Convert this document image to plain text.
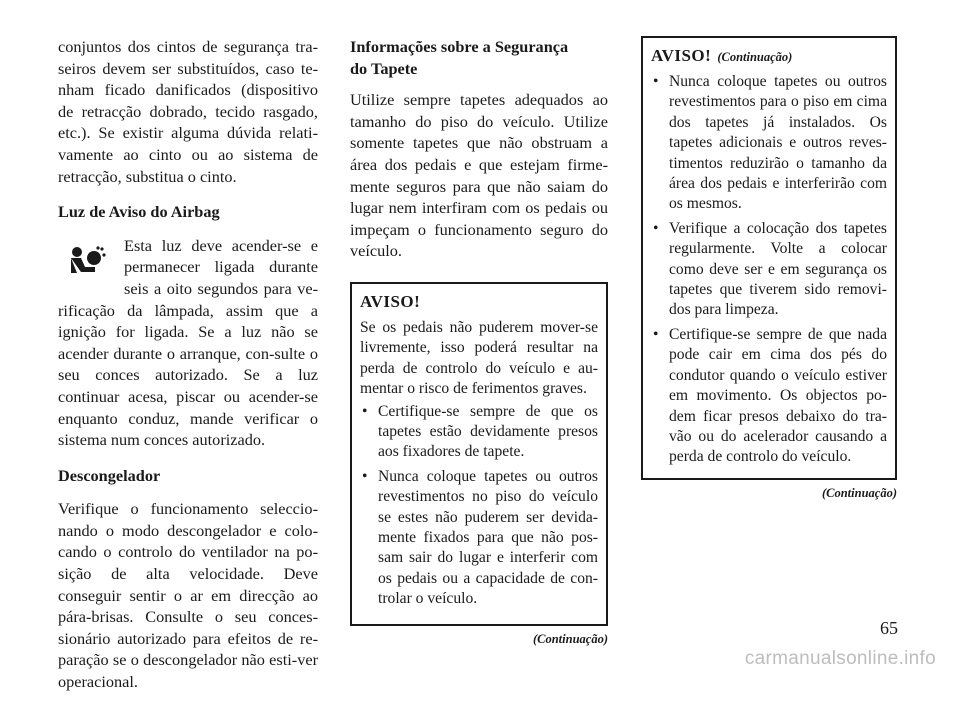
conjuntos dos cintos de segurança tra-seiros devem ser substituídos, caso te-nham ficado danificados (dispositivo de retracção dobrado, tecido rasgado, etc.). Se existir alguma dúvida relati-vamente ao cinto ou ao sistema de retracção, substitua o cinto.

Luz de Aviso do Airbag

Esta luz deve acender-se e permanecer ligada durante seis a oito segundos para ve-rificação da lâmpada, assim que a ignição for ligada. Se a luz não se acender durante o arranque, con-sulte o seu conces autorizado. Se a luz continuar acesa, piscar ou acender-se enquanto conduz, mande verificar o sistema num conces autorizado.

Descongelador

Verifique o funcionamento seleccio-nando o modo descongelador e colo-cando o controlo do ventilador na po-sição de alta velocidade. Deve conseguir sentir o ar em direcção ao pára-brisas. Consulte o seu conces-sionário autorizado para efeitos de re-paração se o descongelador não esti-ver operacional.

Informações sobre a Segurança
do Tapete

Utilize sempre tapetes adequados ao tamanho do piso do veículo. Utilize somente tapetes que não obstruam a área dos pedais e que estejam firme-mente seguros para que não saiam do lugar nem interfiram com os pedais ou impeçam o funcionamento seguro do veículo.

AVISO!

Se os pedais não puderem mover-se livremente, isso poderá resultar na perda de controlo do veículo e au-mentar o risco de ferimentos graves.

• Certifique-se sempre de que os tapetes estão devidamente presos aos fixadores de tapete.
• Nunca coloque tapetes ou outros revestimentos no piso do veículo se estes não puderem ser devida-mente fixados para que não pos-sam sair do lugar e interferir com os pedais ou a capacidade de con-trolar o veículo.
(Continuação)
AVISO! (Continuação)
• Nunca coloque tapetes ou outros revestimentos para o piso em cima dos tapetes já instalados. Os tapetes adicionais e outros reves-timentos reduzirão o tamanho da área dos pedais e interferirão com os mesmos.
• Verifique a colocação dos tapetes regularmente. Volte a colocar como deve ser e em segurança os tapetes que tiverem sido removi-dos para limpeza.
• Certifique-se sempre de que nada pode cair em cima dos pés do condutor quando o veículo estiver em movimento. Os objectos po-dem ficar presos debaixo do tra-vão ou do acelerador causando a perda de controlo do veículo.
(Continuação)
65
carmanualsonline.info
